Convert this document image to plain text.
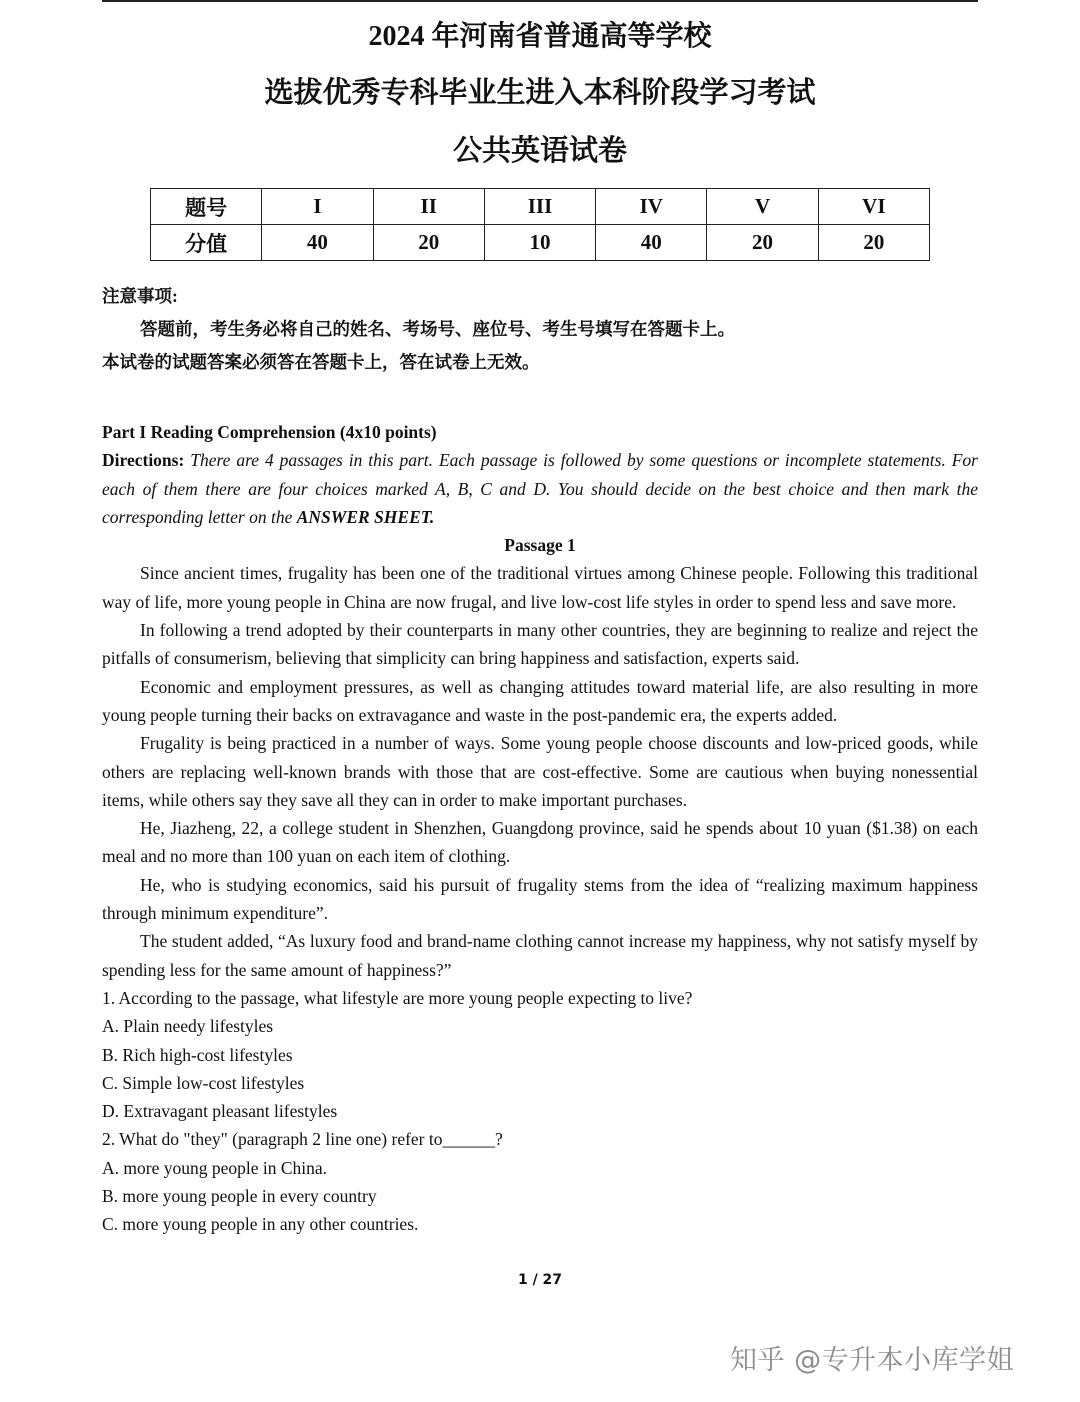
2024 年河南省普通高等学校
选拔优秀专科毕业生进入本科阶段学习考试
公共英语试卷
题号	I	II	III	IV	V	VI
分值	40	20	10	40	20	20
注意事项:
答题前，考生务必将自己的姓名、考场号、座位号、考生号填写在答题卡上。
本试卷的试题答案必须答在答题卡上，答在试卷上无效。
Part I Reading Comprehension (4x10 points)
Directions: There are 4 passages in this part. Each passage is followed by some questions or incomplete statements. For each of them there are four choices marked A, B, C and D. You should decide on the best choice and then mark the corresponding letter on the ANSWER SHEET.
Passage 1
Since ancient times, frugality has been one of the traditional virtues among Chinese people. Following this traditional way of life, more young people in China are now frugal, and live low-cost life styles in order to spend less and save more.
In following a trend adopted by their counterparts in many other countries, they are beginning to realize and reject the pitfalls of consumerism, believing that simplicity can bring happiness and satisfaction, experts said.
Economic and employment pressures, as well as changing attitudes toward material life, are also resulting in more young people turning their backs on extravagance and waste in the post-pandemic era, the experts added.
Frugality is being practiced in a number of ways. Some young people choose discounts and low-priced goods, while others are replacing well-known brands with those that are cost-effective. Some are cautious when buying nonessential items, while others say they save all they can in order to make important purchases.
He, Jiazheng, 22, a college student in Shenzhen, Guangdong province, said he spends about 10 yuan ($1.38) on each meal and no more than 100 yuan on each item of clothing.
He, who is studying economics, said his pursuit of frugality stems from the idea of “realizing maximum happiness through minimum expenditure”.
The student added, “As luxury food and brand-name clothing cannot increase my happiness, why not satisfy myself by spending less for the same amount of happiness?”
1. According to the passage, what lifestyle are more young people expecting to live?
A. Plain needy lifestyles
B. Rich high-cost lifestyles
C. Simple low-cost lifestyles
D. Extravagant pleasant lifestyles
2. What do "they" (paragraph 2 line one) refer to______?
A. more young people in China.
B. more young people in every country
C. more young people in any other countries.
1 / 27
知乎 @专升本小库学姐
